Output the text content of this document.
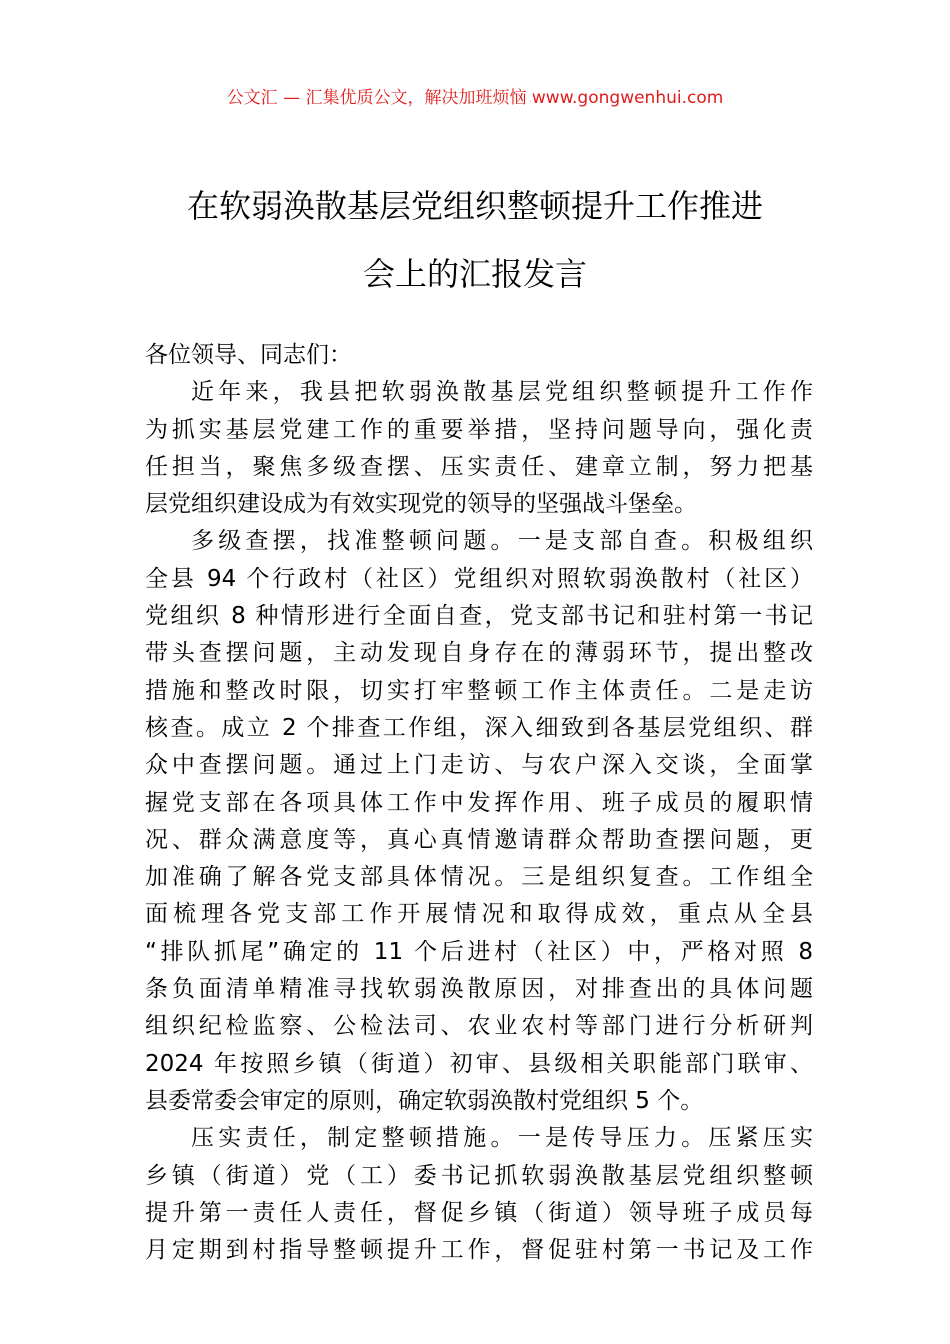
公文汇 — 汇集优质公文，解决加班烦恼 www.gongwenhui.com
在软弱涣散基层党组织整顿提升工作推进
会上的汇报发言

各位领导、同志们：

近年来，我县把软弱涣散基层党组织整顿提升工作作
为抓实基层党建工作的重要举措，坚持问题导向，强化责
任担当，聚焦多级查摆、压实责任、建章立制，努力把基
层党组织建设成为有效实现党的领导的坚强战斗堡垒。

多级查摆，找准整顿问题。一是支部自查。积极组织
全县 94 个行政村（社区）党组织对照软弱涣散村（社区）
党组织 8 种情形进行全面自查，党支部书记和驻村第一书记
带头查摆问题，主动发现自身存在的薄弱环节，提出整改
措施和整改时限，切实打牢整顿工作主体责任。二是走访
核查。成立 2 个排查工作组，深入细致到各基层党组织、群
众中查摆问题。通过上门走访、与农户深入交谈，全面掌
握党支部在各项具体工作中发挥作用、班子成员的履职情
况、群众满意度等，真心真情邀请群众帮助查摆问题，更
加准确了解各党支部具体情况。三是组织复查。工作组全
面梳理各党支部工作开展情况和取得成效，重点从全县
“排队抓尾”确定的 11 个后进村（社区）中，严格对照 8
条负面清单精准寻找软弱涣散原因，对排查出的具体问题
组织纪检监察、公检法司、农业农村等部门进行分析研判
2024 年按照乡镇（街道）初审、县级相关职能部门联审、
县委常委会审定的原则，确定软弱涣散村党组织 5 个。

压实责任，制定整顿措施。一是传导压力。压紧压实
乡镇（街道）党（工）委书记抓软弱涣散基层党组织整顿
提升第一责任人责任，督促乡镇（街道）领导班子成员每
月定期到村指导整顿提升工作，督促驻村第一书记及工作
